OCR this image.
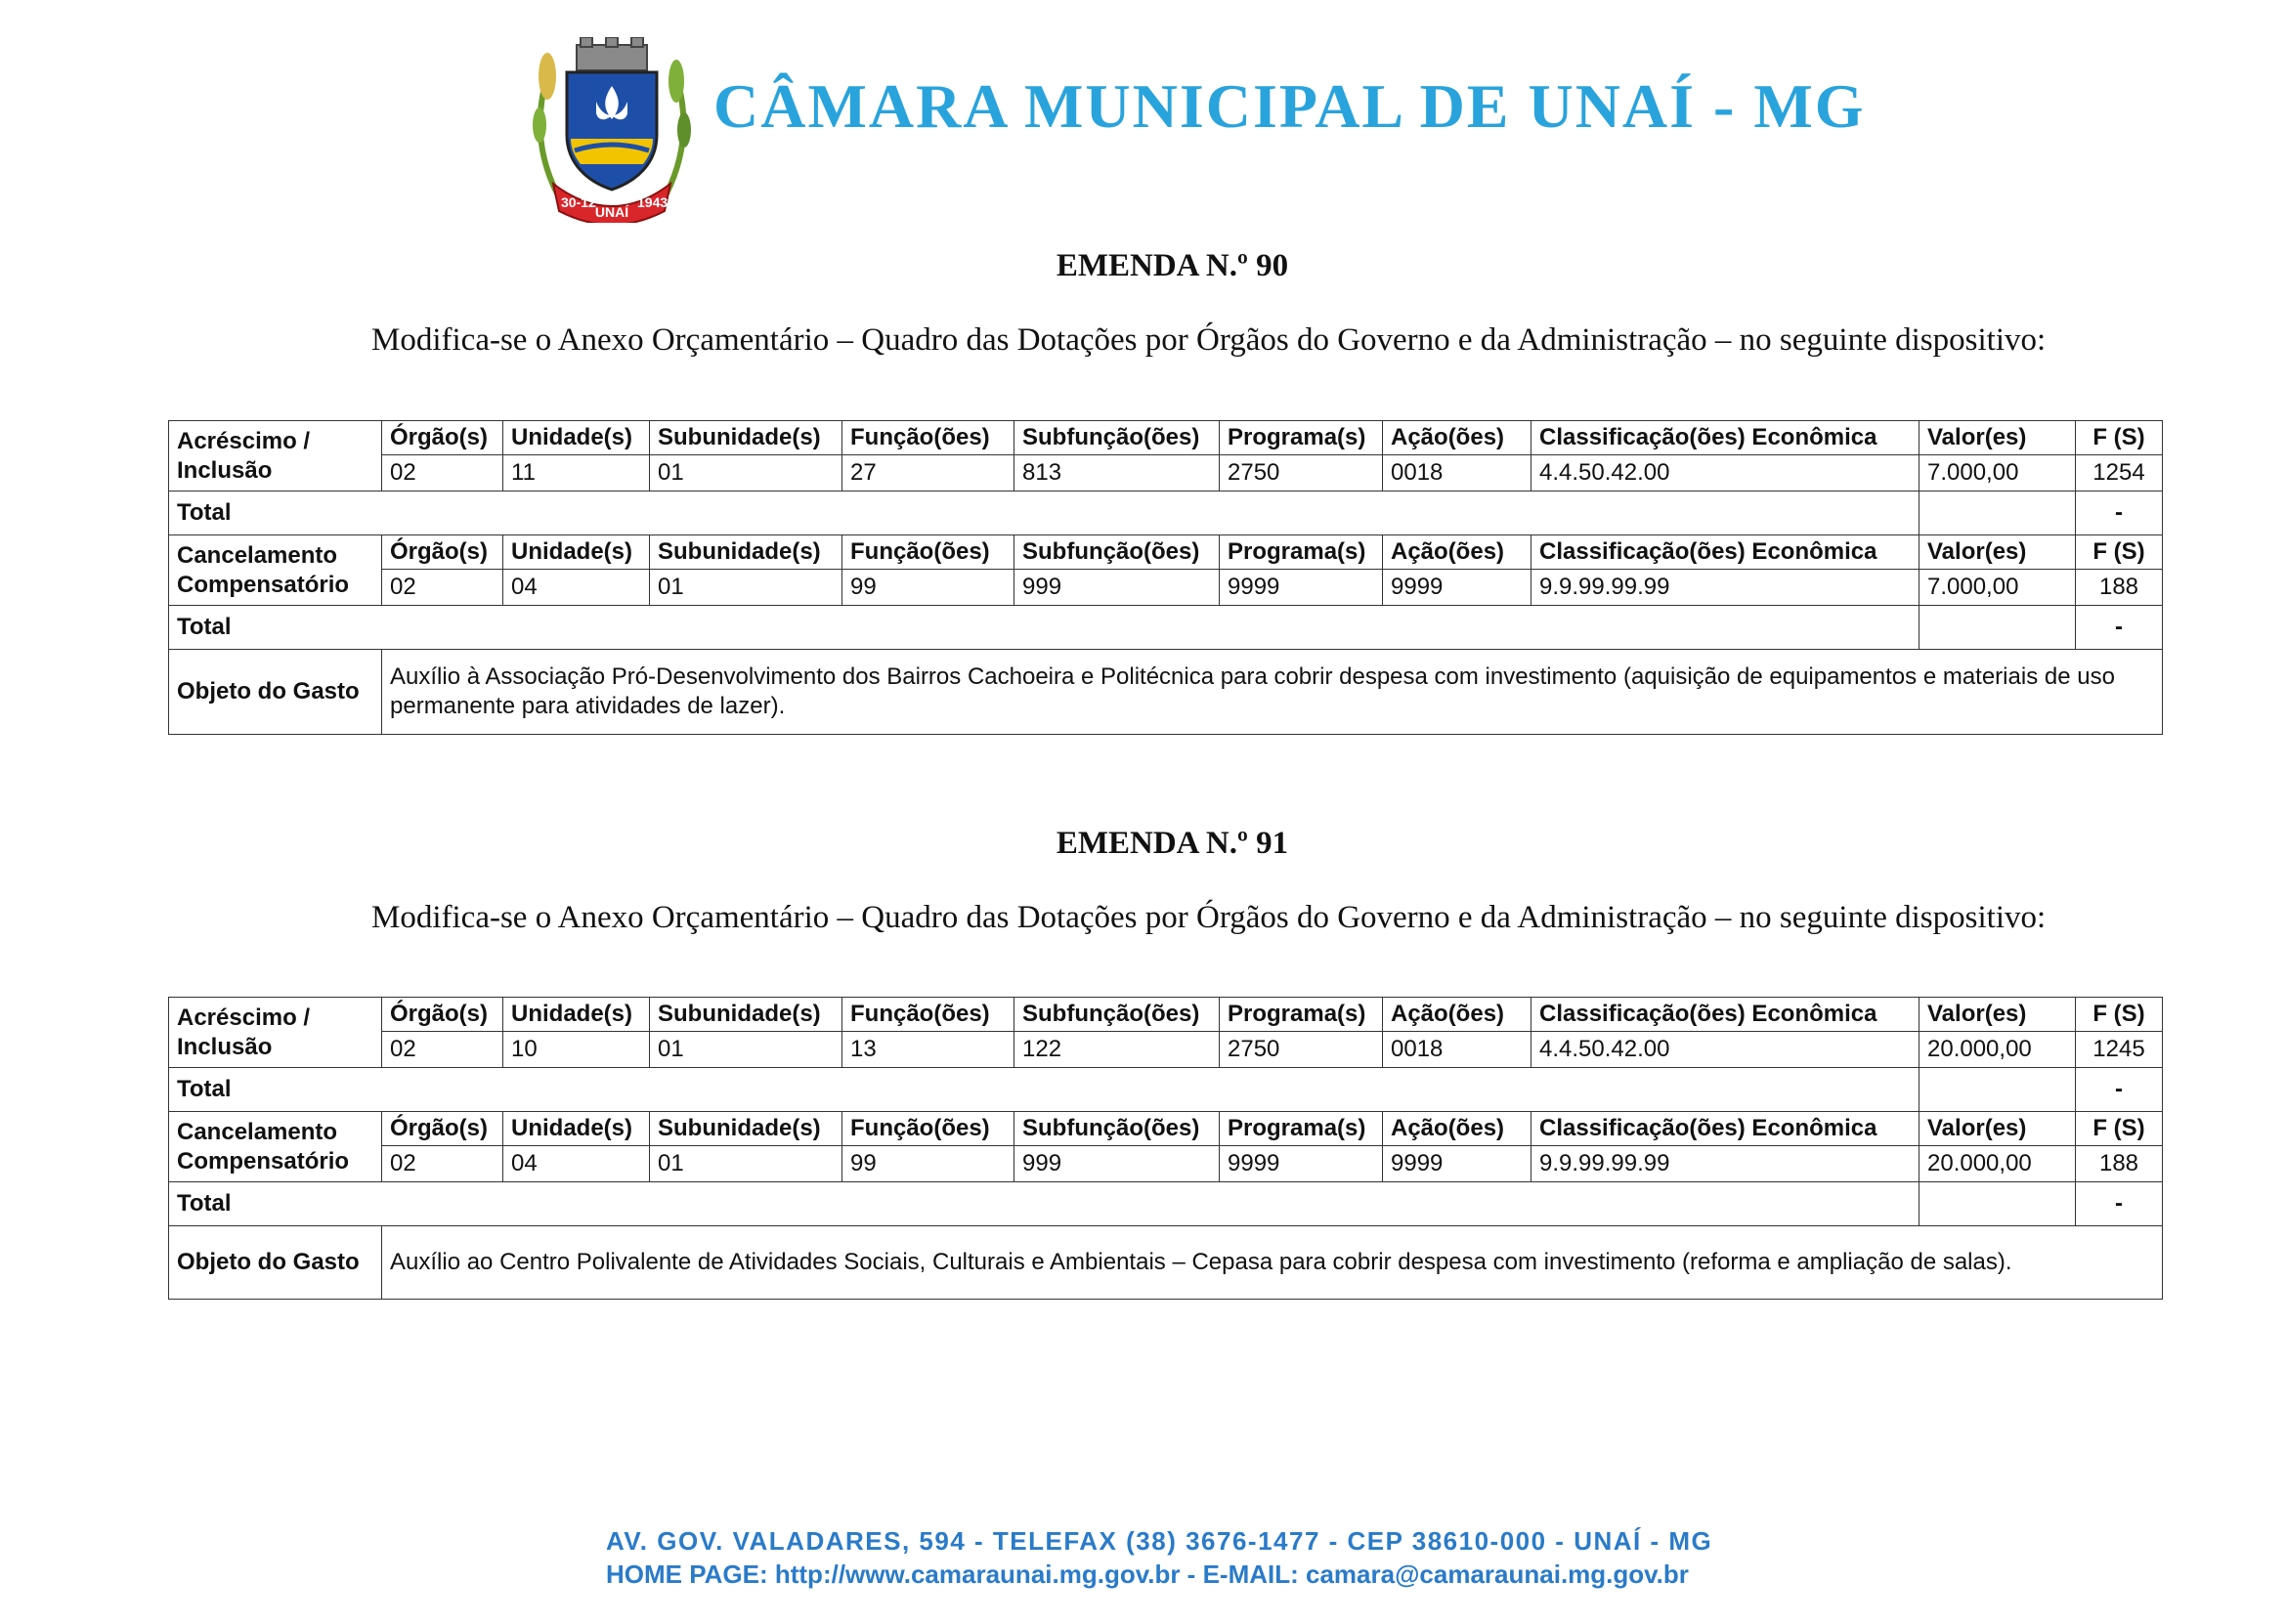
30-12
UNAÍ
1943
CÂMARA MUNICIPAL DE UNAÍ - MG
EMENDA N.º 90
Modifica-se o Anexo Orçamentário – Quadro das Dotações por Órgãos do Governo e da Administração – no seguinte dispositivo:
Acréscimo / Inclusão	Órgão(s)	Unidade(s)	Subunidade(s)	Função(ões)	Subfunção(ões)	Programa(s)	Ação(ões)	Classificação(ões) Econômica	Valor(es)	F (S)
	02	11	01	27	813	2750	0018	4.4.50.42.00	7.000,00	1254
Total										-
Cancelamento Compensatório	Órgão(s)	Unidade(s)	Subunidade(s)	Função(ões)	Subfunção(ões)	Programa(s)	Ação(ões)	Classificação(ões) Econômica	Valor(es)	F (S)
	02	04	01	99	999	9999	9999	9.9.99.99.99	7.000,00	188
Total										-
Objeto do Gasto	Auxílio à Associação Pró-Desenvolvimento dos Bairros Cachoeira e Politécnica para cobrir despesa com investimento (aquisição de equipamentos e materiais de uso permanente para atividades de lazer).									
EMENDA N.º 91
Modifica-se o Anexo Orçamentário – Quadro das Dotações por Órgãos do Governo e da Administração – no seguinte dispositivo:
Acréscimo / Inclusão	Órgão(s)	Unidade(s)	Subunidade(s)	Função(ões)	Subfunção(ões)	Programa(s)	Ação(ões)	Classificação(ões) Econômica	Valor(es)	F (S)
	02	10	01	13	122	2750	0018	4.4.50.42.00	20.000,00	1245
Total										-
Cancelamento Compensatório	Órgão(s)	Unidade(s)	Subunidade(s)	Função(ões)	Subfunção(ões)	Programa(s)	Ação(ões)	Classificação(ões) Econômica	Valor(es)	F (S)
	02	04	01	99	999	9999	9999	9.9.99.99.99	20.000,00	188
Total										-
Objeto do Gasto	Auxílio ao Centro Polivalente de Atividades Sociais, Culturais e Ambientais – Cepasa para cobrir despesa com investimento (reforma e ampliação de salas).									
AV. GOV. VALADARES, 594 - TELEFAX (38) 3676-1477 - CEP 38610-000 - UNAÍ - MG
HOME PAGE: http://www.camaraunai.mg.gov.br - E-MAIL: camara@camaraunai.mg.gov.br
